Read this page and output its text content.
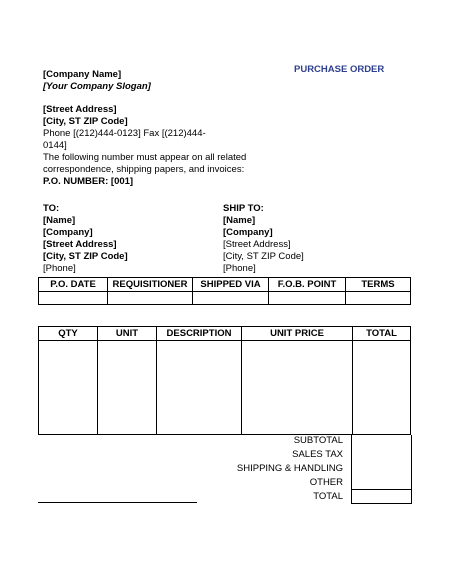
PURCHASE ORDER
[Company Name]
[Your Company Slogan]
[Street Address]
[City, ST ZIP Code]
Phone [(212)444-0123] Fax [(212)444-
0144]
The following number must appear on all related
correspondence, shipping papers, and invoices:
P.O. NUMBER: [001]
TO:
[Name]
[Company]
[Street Address]
[City, ST ZIP Code]
[Phone]
SHIP TO:
[Name]
[Company]
[Street Address]
[City, ST ZIP Code]
[Phone]
P.O. DATE	REQUISITIONER	SHIPPED VIA	F.O.B. POINT	TERMS

QTY	UNIT	DESCRIPTION	UNIT PRICE	TOTAL

SUBTOTAL
SALES TAX
SHIPPING & HANDLING
OTHER
TOTAL
